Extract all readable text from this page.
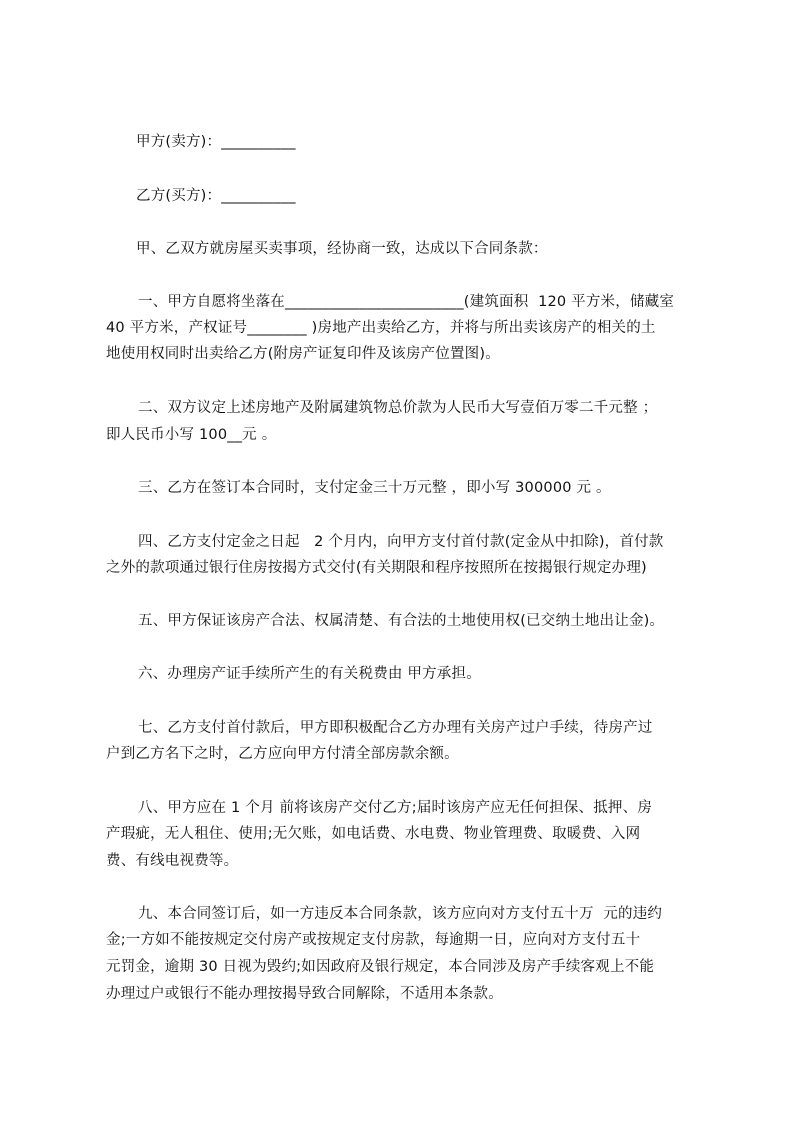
甲方(卖方)：__________
乙方(买方)：__________
甲、乙双方就房屋买卖事项，经协商一致，达成以下合同条款：
一、甲方自愿将坐落在________________________(建筑面积  120 平方米，储藏室
40 平方米，产权证号________ )房地产出卖给乙方，并将与所出卖该房产的相关的土
地使用权同时出卖给乙方(附房产证复印件及该房产位置图)。
二、双方议定上述房地产及附属建筑物总价款为人民币大写壹佰万零二千元整 ；
即人民币小写 100__元 。
三、乙方在签订本合同时，支付定金三十万元整 ，即小写 300000 元 。
四、乙方支付定金之日起   2 个月内，向甲方支付首付款(定金从中扣除)，首付款
之外的款项通过银行住房按揭方式交付(有关期限和程序按照所在按揭银行规定办理)
五、甲方保证该房产合法、权属清楚、有合法的土地使用权(已交纳土地出让金)。
六、办理房产证手续所产生的有关税费由 甲方承担。
七、乙方支付首付款后，甲方即积极配合乙方办理有关房产过户手续，待房产过
户到乙方名下之时，乙方应向甲方付清全部房款余额。
八、甲方应在 1 个月 前将该房产交付乙方;届时该房产应无任何担保、抵押、房
产瑕疵，无人租住、使用;无欠账，如电话费、水电费、物业管理费、取暖费、入网
费、有线电视费等。
九、本合同签订后，如一方违反本合同条款，该方应向对方支付五十万  元的违约
金;一方如不能按规定交付房产或按规定支付房款，每逾期一日，应向对方支付五十
元罚金，逾期 30 日视为毁约;如因政府及银行规定，本合同涉及房产手续客观上不能
办理过户或银行不能办理按揭导致合同解除，不适用本条款。
